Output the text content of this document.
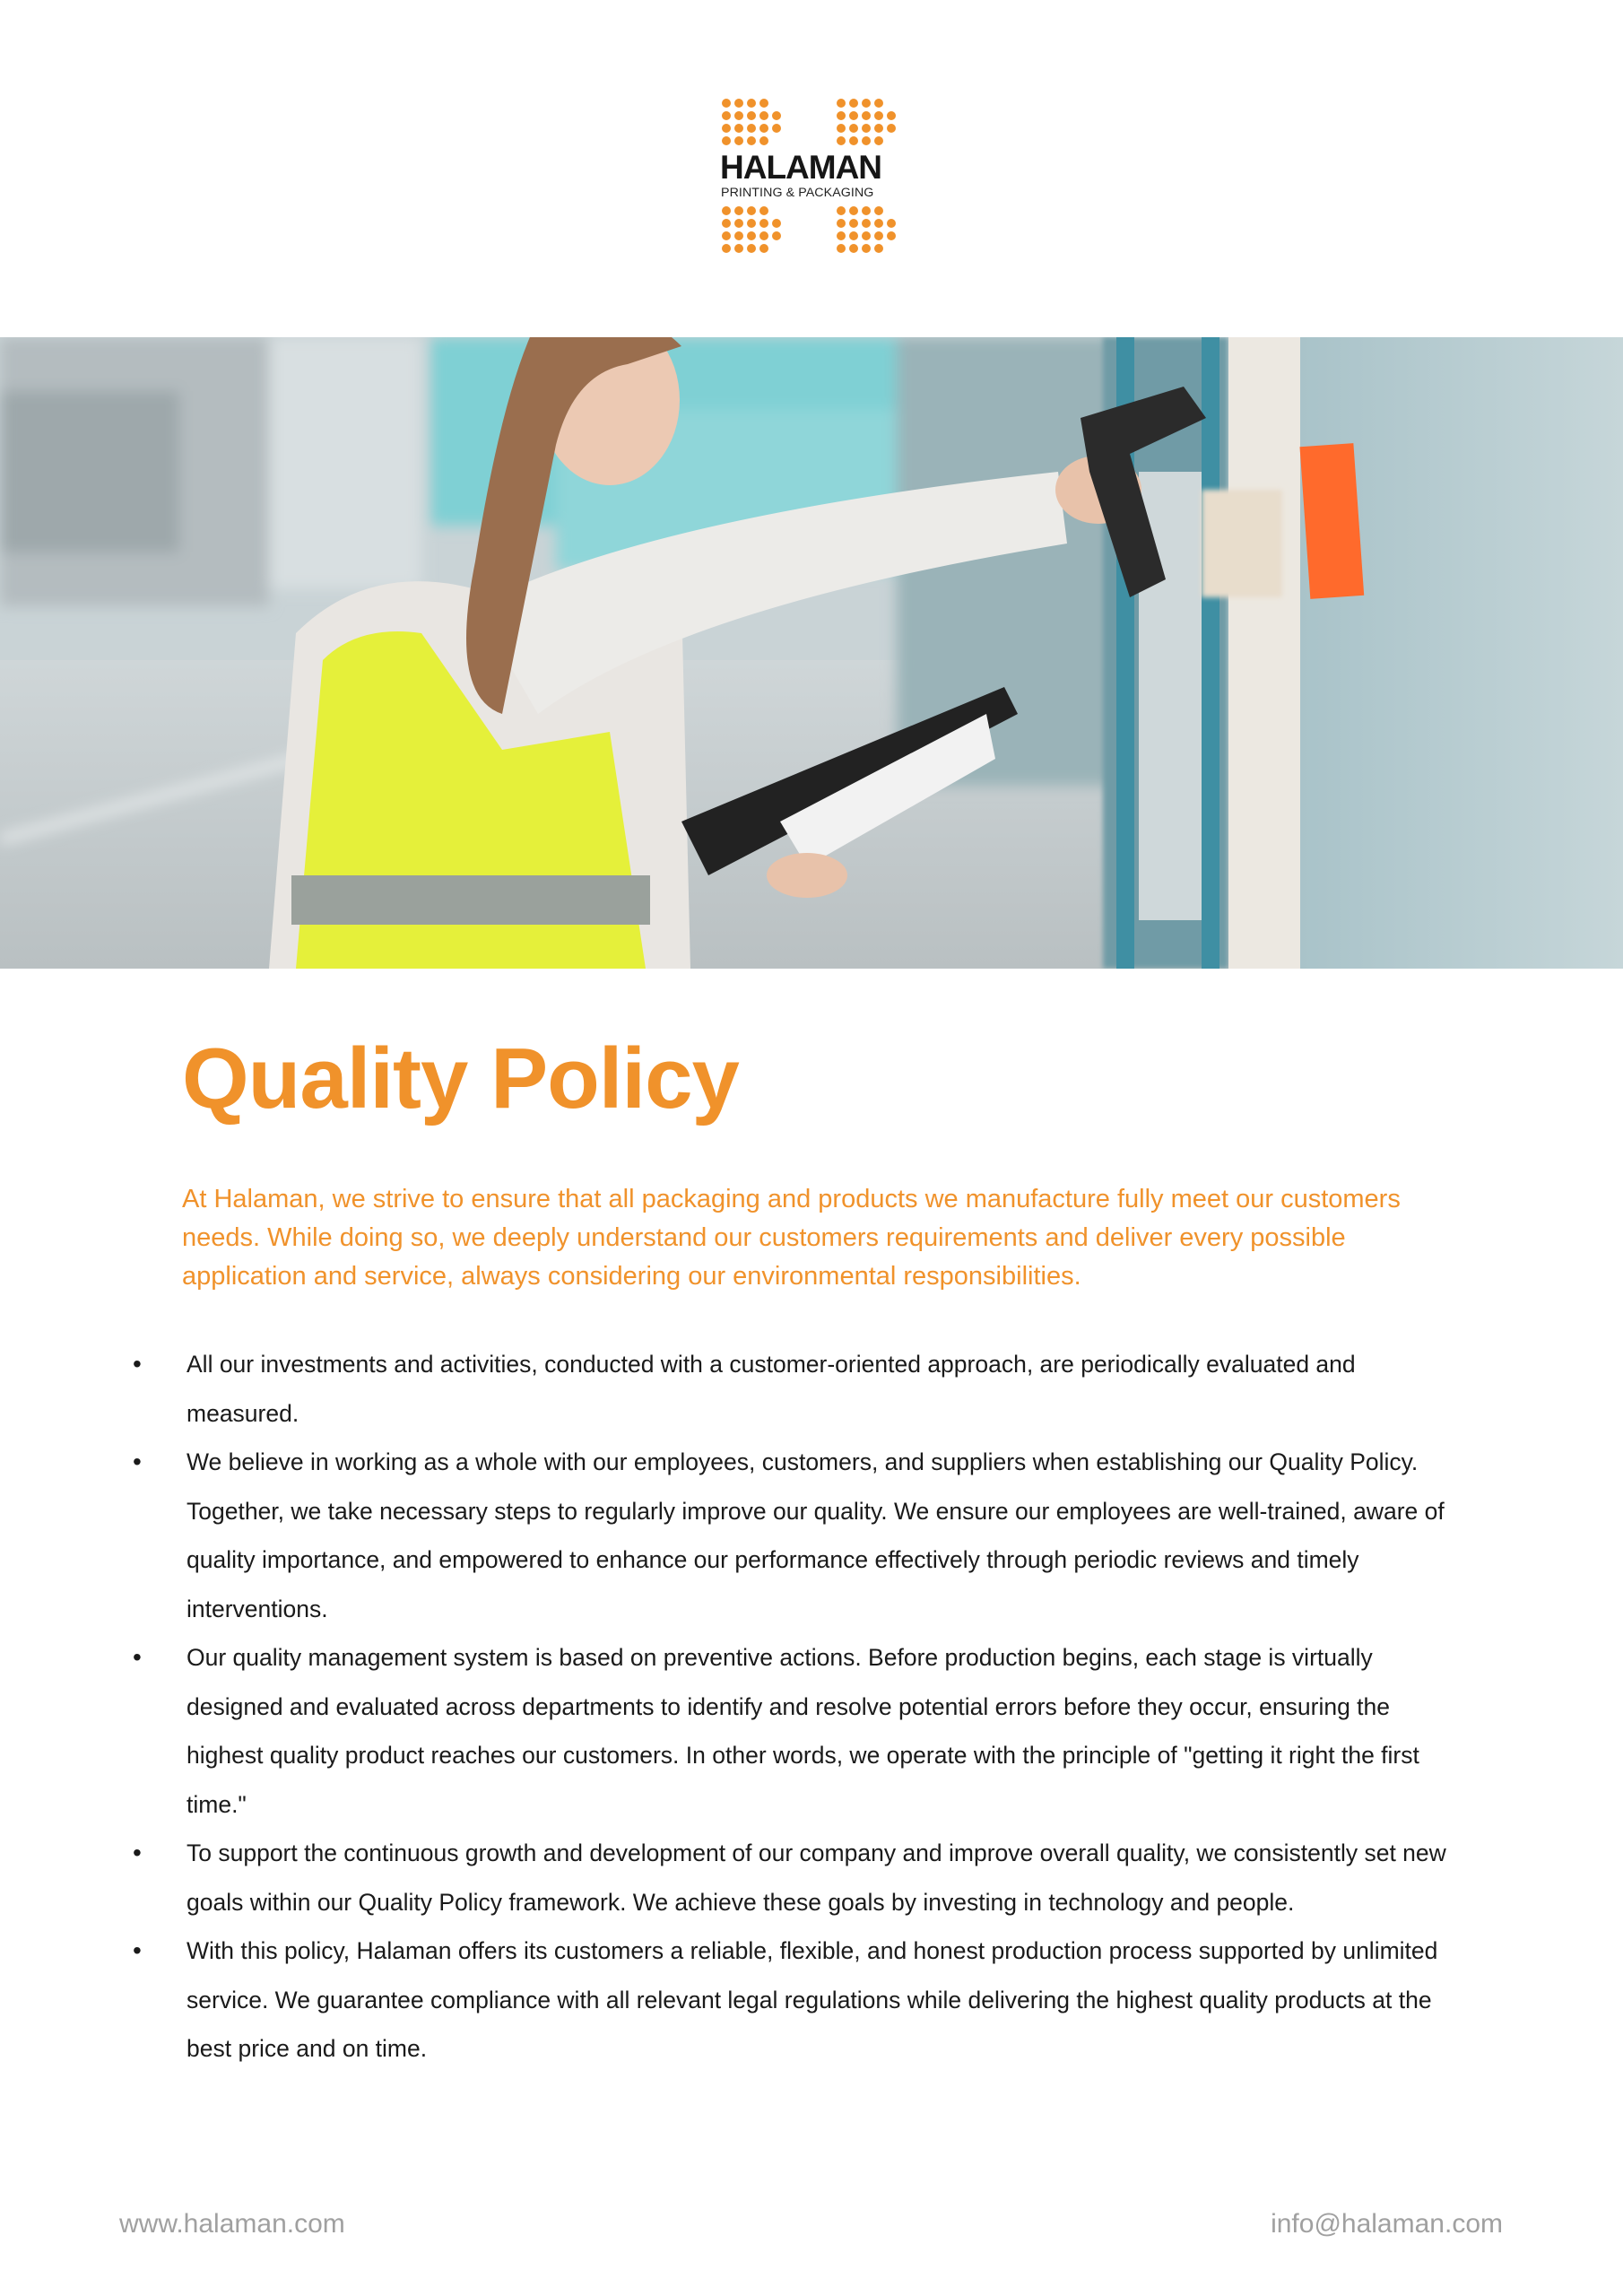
HALAMAN
PRINTING & PACKAGING
Quality Policy
At Halaman, we strive to ensure that all packaging and products we manufacture fully meet our customers needs. While doing so, we deeply understand our customers requirements and deliver every possible application and service, always considering our environmental responsibilities.
• All our investments and activities, conducted with a customer-oriented approach, are periodically evaluated and measured.
• We believe in working as a whole with our employees, customers, and suppliers when establishing our Quality Policy. Together, we take necessary steps to regularly improve our quality. We ensure our employees are well-trained, aware of quality importance, and empowered to enhance our performance effectively through periodic reviews and timely interventions.
• Our quality management system is based on preventive actions. Before production begins, each stage is virtually designed and evaluated across departments to identify and resolve potential errors before they occur, ensuring the highest quality product reaches our customers. In other words, we operate with the principle of "getting it right the first time."
• To support the continuous growth and development of our company and improve overall quality, we consistently set new goals within our Quality Policy framework. We achieve these goals by investing in technology and people.
• With this policy, Halaman offers its customers a reliable, flexible, and honest production process supported by unlimited service. We guarantee compliance with all relevant legal regulations while delivering the highest quality products at the best price and on time.
www.halaman.com	info@halaman.com
